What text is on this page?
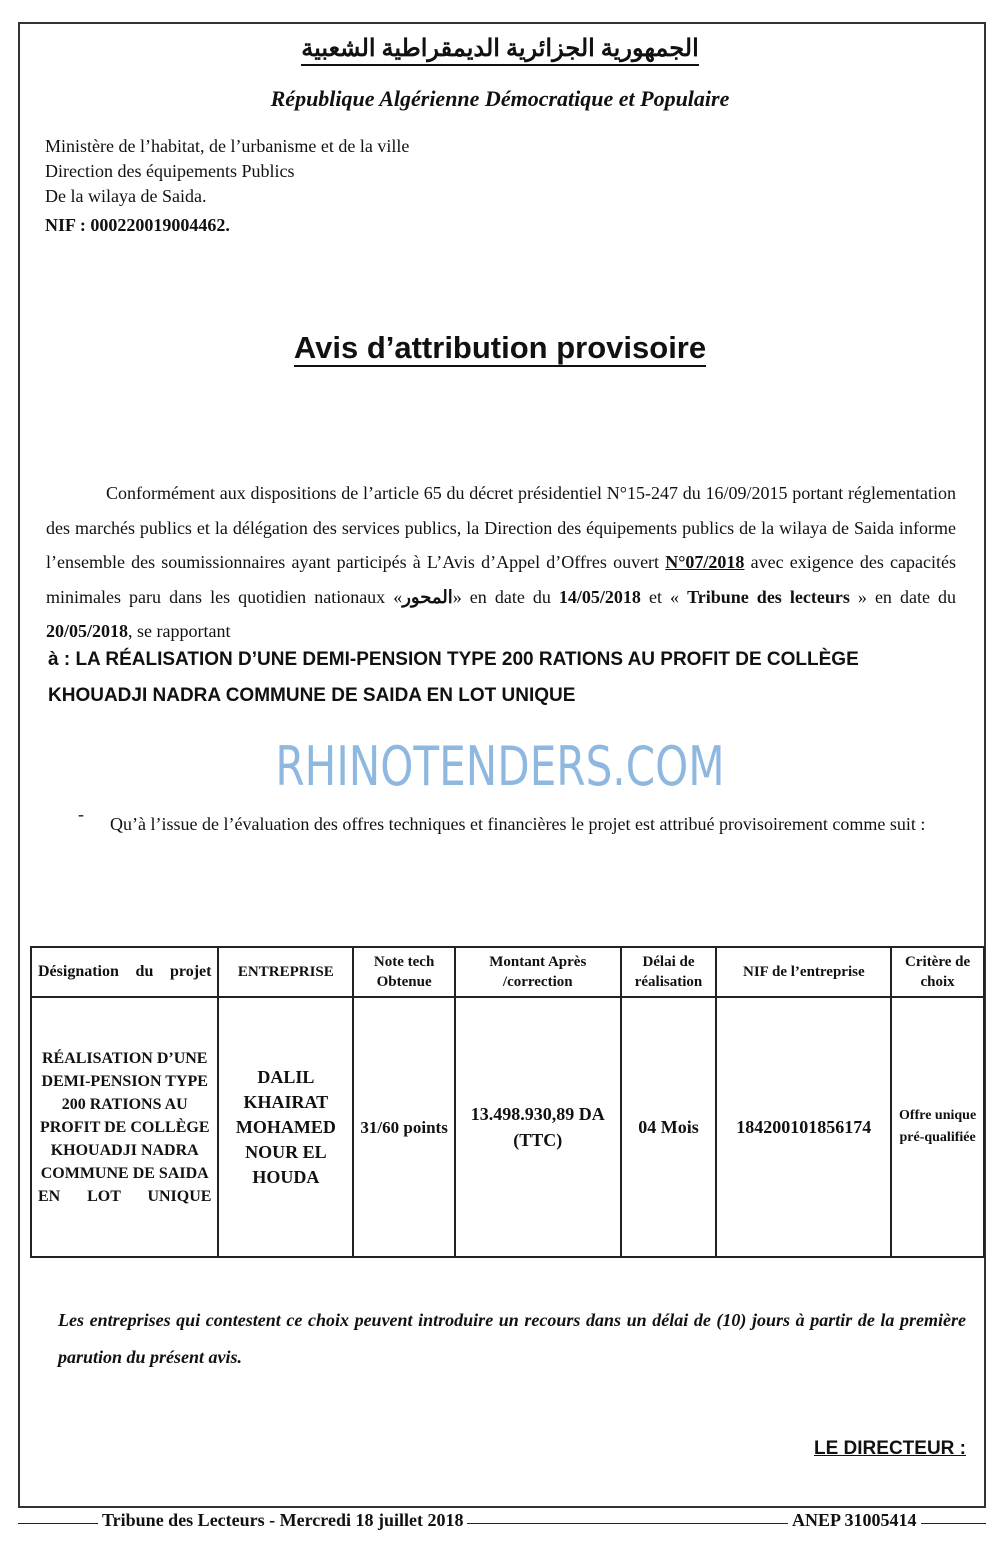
الجمهورية الجزائرية الديمقراطية الشعبية
République Algérienne Démocratique et Populaire
Ministère de l’habitat, de l’urbanisme et de la ville
Direction des équipements Publics
De la wilaya de Saida.
NIF : 000220019004462.
Avis d’attribution provisoire
Conformément aux dispositions de l’article 65 du décret présidentiel N°15-247 du 16/09/2015 portant réglementation des marchés publics et la délégation des services publics, la Direction des équipements publics de la wilaya de Saida informe l’ensemble des soumissionnaires ayant participés à L’Avis d’Appel d’Offres ouvert N°07/2018 avec exigence des capacités minimales paru dans les quotidien nationaux «المحور» en date du 14/05/2018 et « Tribune des lecteurs » en date du 20/05/2018, se rapportant
à : LA RÉALISATION D’UNE DEMI-PENSION TYPE 200 RATIONS AU PROFIT DE COLLÈGE KHOUADJI NADRA COMMUNE DE SAIDA EN LOT UNIQUE
RHINOTENDERS.COM
- Qu’à l’issue de l’évaluation des offres techniques et financières le projet est attribué provisoirement comme suit :
Désignation du projet	ENTREPRISE	Note tech Obtenue	Montant Après /correction	Délai de réalisation	NIF de l’entreprise	Critère de choix
RÉALISATION D’UNE DEMI-PENSION TYPE 200 RATIONS AU PROFIT DE COLLÈGE KHOUADJI NADRA COMMUNE DE SAIDA EN LOT UNIQUE	DALIL KHAIRAT MOHAMED NOUR EL HOUDA	31/60 points	13.498.930,89 DA (TTC)	04 Mois	184200101856174	Offre unique pré-qualifiée
Les entreprises qui contestent ce choix peuvent introduire un recours dans un délai de (10) jours à partir de la première parution du présent avis.
LE DIRECTEUR :
Tribune des Lecteurs - Mercredi 18 juillet 2018	ANEP 31005414
